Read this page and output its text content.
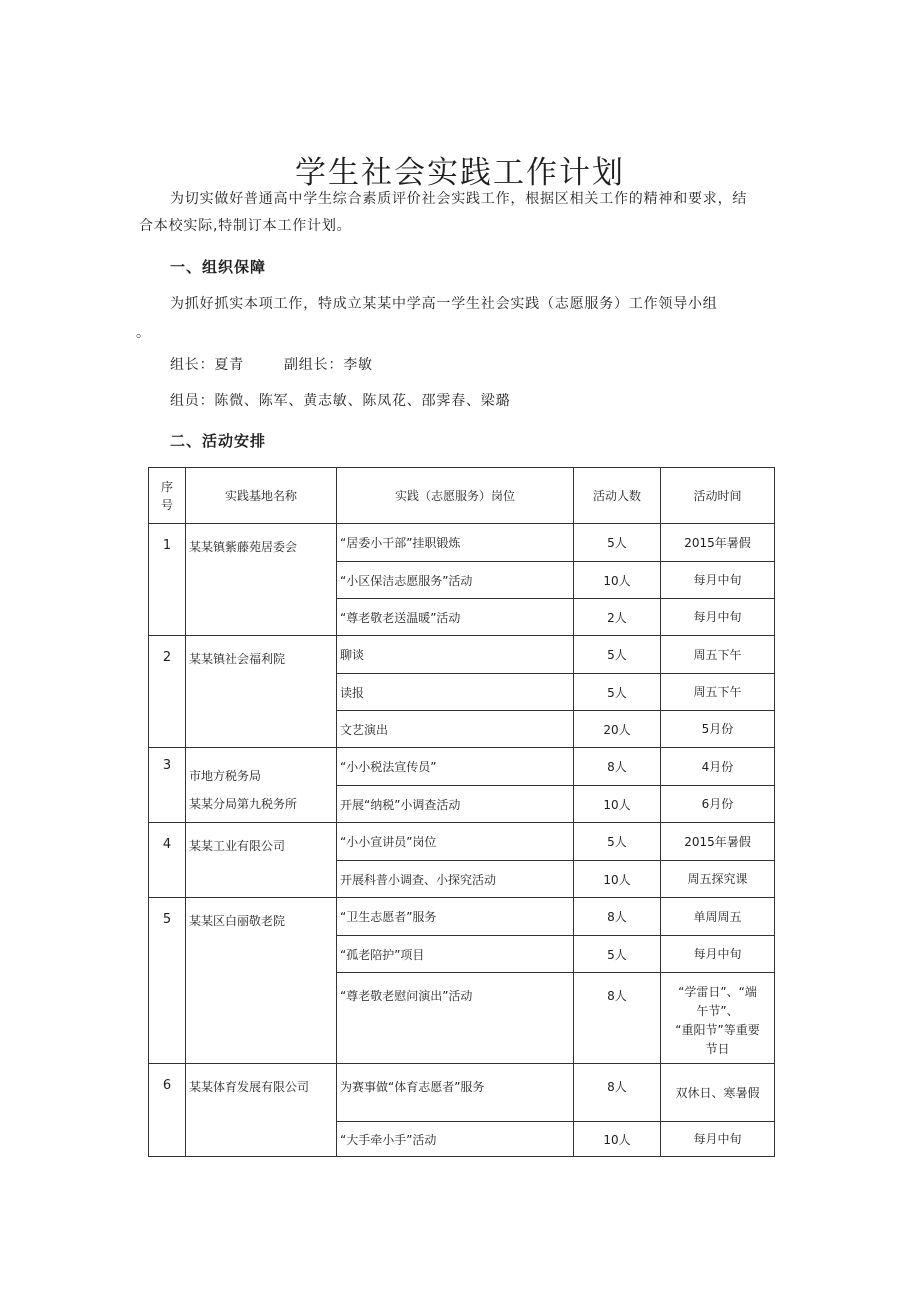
学生社会实践工作计划
为切实做好普通高中学生综合素质评价社会实践工作，根据区相关工作的精神和要求，结
合本校实际,特制订本工作计划。
一、组织保障
为抓好抓实本项工作，特成立某某中学高一学生社会实践（志愿服务）工作领导小组
。
组长：夏青	副组长：李敏
组员：陈微、陈军、黄志敏、陈凤花、邵霁春、梁璐
二、活动安排
序
号	实践基地名称	实践（志愿服务）岗位	活动人数	活动时间
1	某某镇紫藤苑居委会	“居委小干部”挂职锻炼	5人	2015年暑假
		“小区保洁志愿服务”活动	10人	每月中旬
		“尊老敬老送温暖”活动	2人	每月中旬
2	某某镇社会福利院	聊谈	5人	周五下午
		读报	5人	周五下午
		文艺演出	20人	5月份
3	市地方税务局
某某分局第九税务所	“小小税法宣传员”	8人	4月份
		开展“纳税”小调查活动	10人	6月份
4	某某工业有限公司	“小小宣讲员”岗位	5人	2015年暑假
		开展科普小调查、小探究活动	10人	周五探究课
5	某某区白丽敬老院	“卫生志愿者”服务	8人	单周周五
		“孤老陪护”项目	5人	每月中旬
		“尊老敬老慰问演出”活动	8人	“学雷日”、“端
午节”、
“重阳节”等重要
节日
6	某某体育发展有限公司	为赛事做“体育志愿者”服务	8人	双休日、寒暑假
		“大手牵小手”活动	10人	每月中旬
